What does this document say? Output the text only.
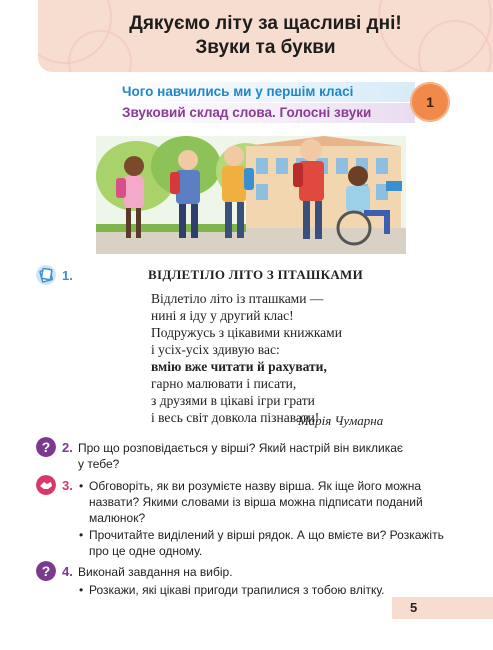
Дякуємо літу за щасливі дні!
Звуки та букви
Чого навчились ми у першім класі
Звуковий склад слова. Голосні звуки
1
1.	ВІДЛЕТІЛО ЛІТО З ПТАШКАМИ
Відлетіло літо із пташками —
нині я іду у другий клас!
Подружусь з цікавими книжками
і усіх-усіх здивую вас:
вмію вже читати й рахувати,
гарно малювати і писати,
з друзями в цікаві ігри грати
і весь світ довкола пізнавати!
Марія Чумарна
? 2. Про що розповідається у вірші? Який настрій він викликає
у тебе?
3. • Обговоріть, як ви розумієте назву вірша. Як іще його можна
назвати? Якими словами із вірша можна підписати поданий
малюнок?
• Прочитайте виділений у вірші рядок. А що вмієте ви? Розкажіть
про це одне одному.
? 4. Виконай завдання на вибір.
• Розкажи, які цікаві пригоди трапилися з тобою влітку.
5
